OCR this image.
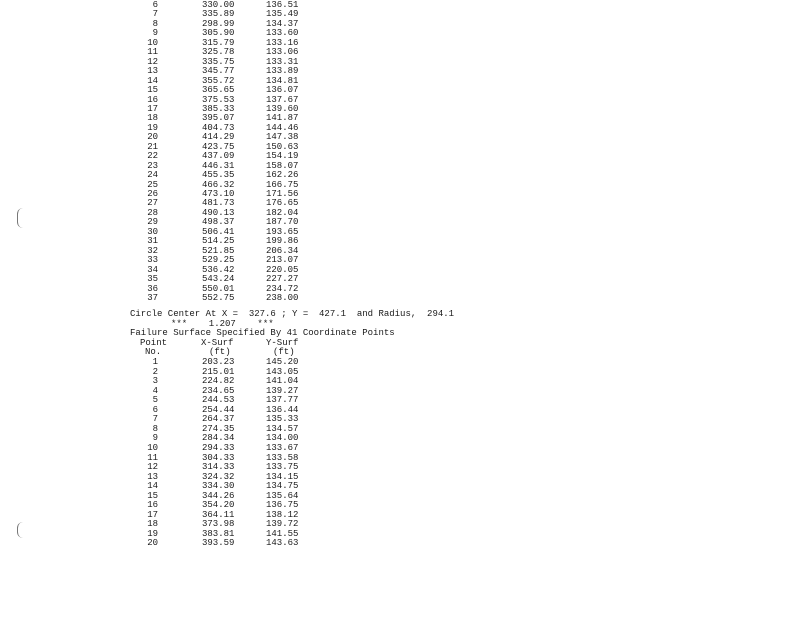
6	330.00	136.51
7	335.89	135.49
8	298.99	134.37
9	305.90	133.60
10	315.79	133.16
11	325.78	133.06
12	335.75	133.31
13	345.77	133.89
14	355.72	134.81
15	365.65	136.07
16	375.53	137.67
17	385.33	139.60
18	395.07	141.87
19	404.73	144.46
20	414.29	147.38
21	423.75	150.63
22	437.09	154.19
23	446.31	158.07
24	455.35	162.26
25	466.32	166.75
26	473.10	171.56
27	481.73	176.65
28	490.13	182.04
29	498.37	187.70
30	506.41	193.65
31	514.25	199.86
32	521.85	206.34
33	529.25	213.07
34	536.42	220.05
35	543.24	227.27
36	550.01	234.72
37	552.75	238.00
Circle Center At X =  327.6 ; Y =  427.1  and Radius,  294.1
***    1.207    ***
Failure Surface Specified By 41 Coordinate Points
Point	X-Surf	Y-Surf
No.	(ft)	(ft)
1	203.23	145.20
2	215.01	143.05
3	224.82	141.04
4	234.65	139.27
5	244.53	137.77
6	254.44	136.44
7	264.37	135.33
8	274.35	134.57
9	284.34	134.00
10	294.33	133.67
11	304.33	133.58
12	314.33	133.75
13	324.32	134.15
14	334.30	134.75
15	344.26	135.64
16	354.20	136.75
17	364.11	138.12
18	373.98	139.72
19	383.81	141.55
20	393.59	143.63
